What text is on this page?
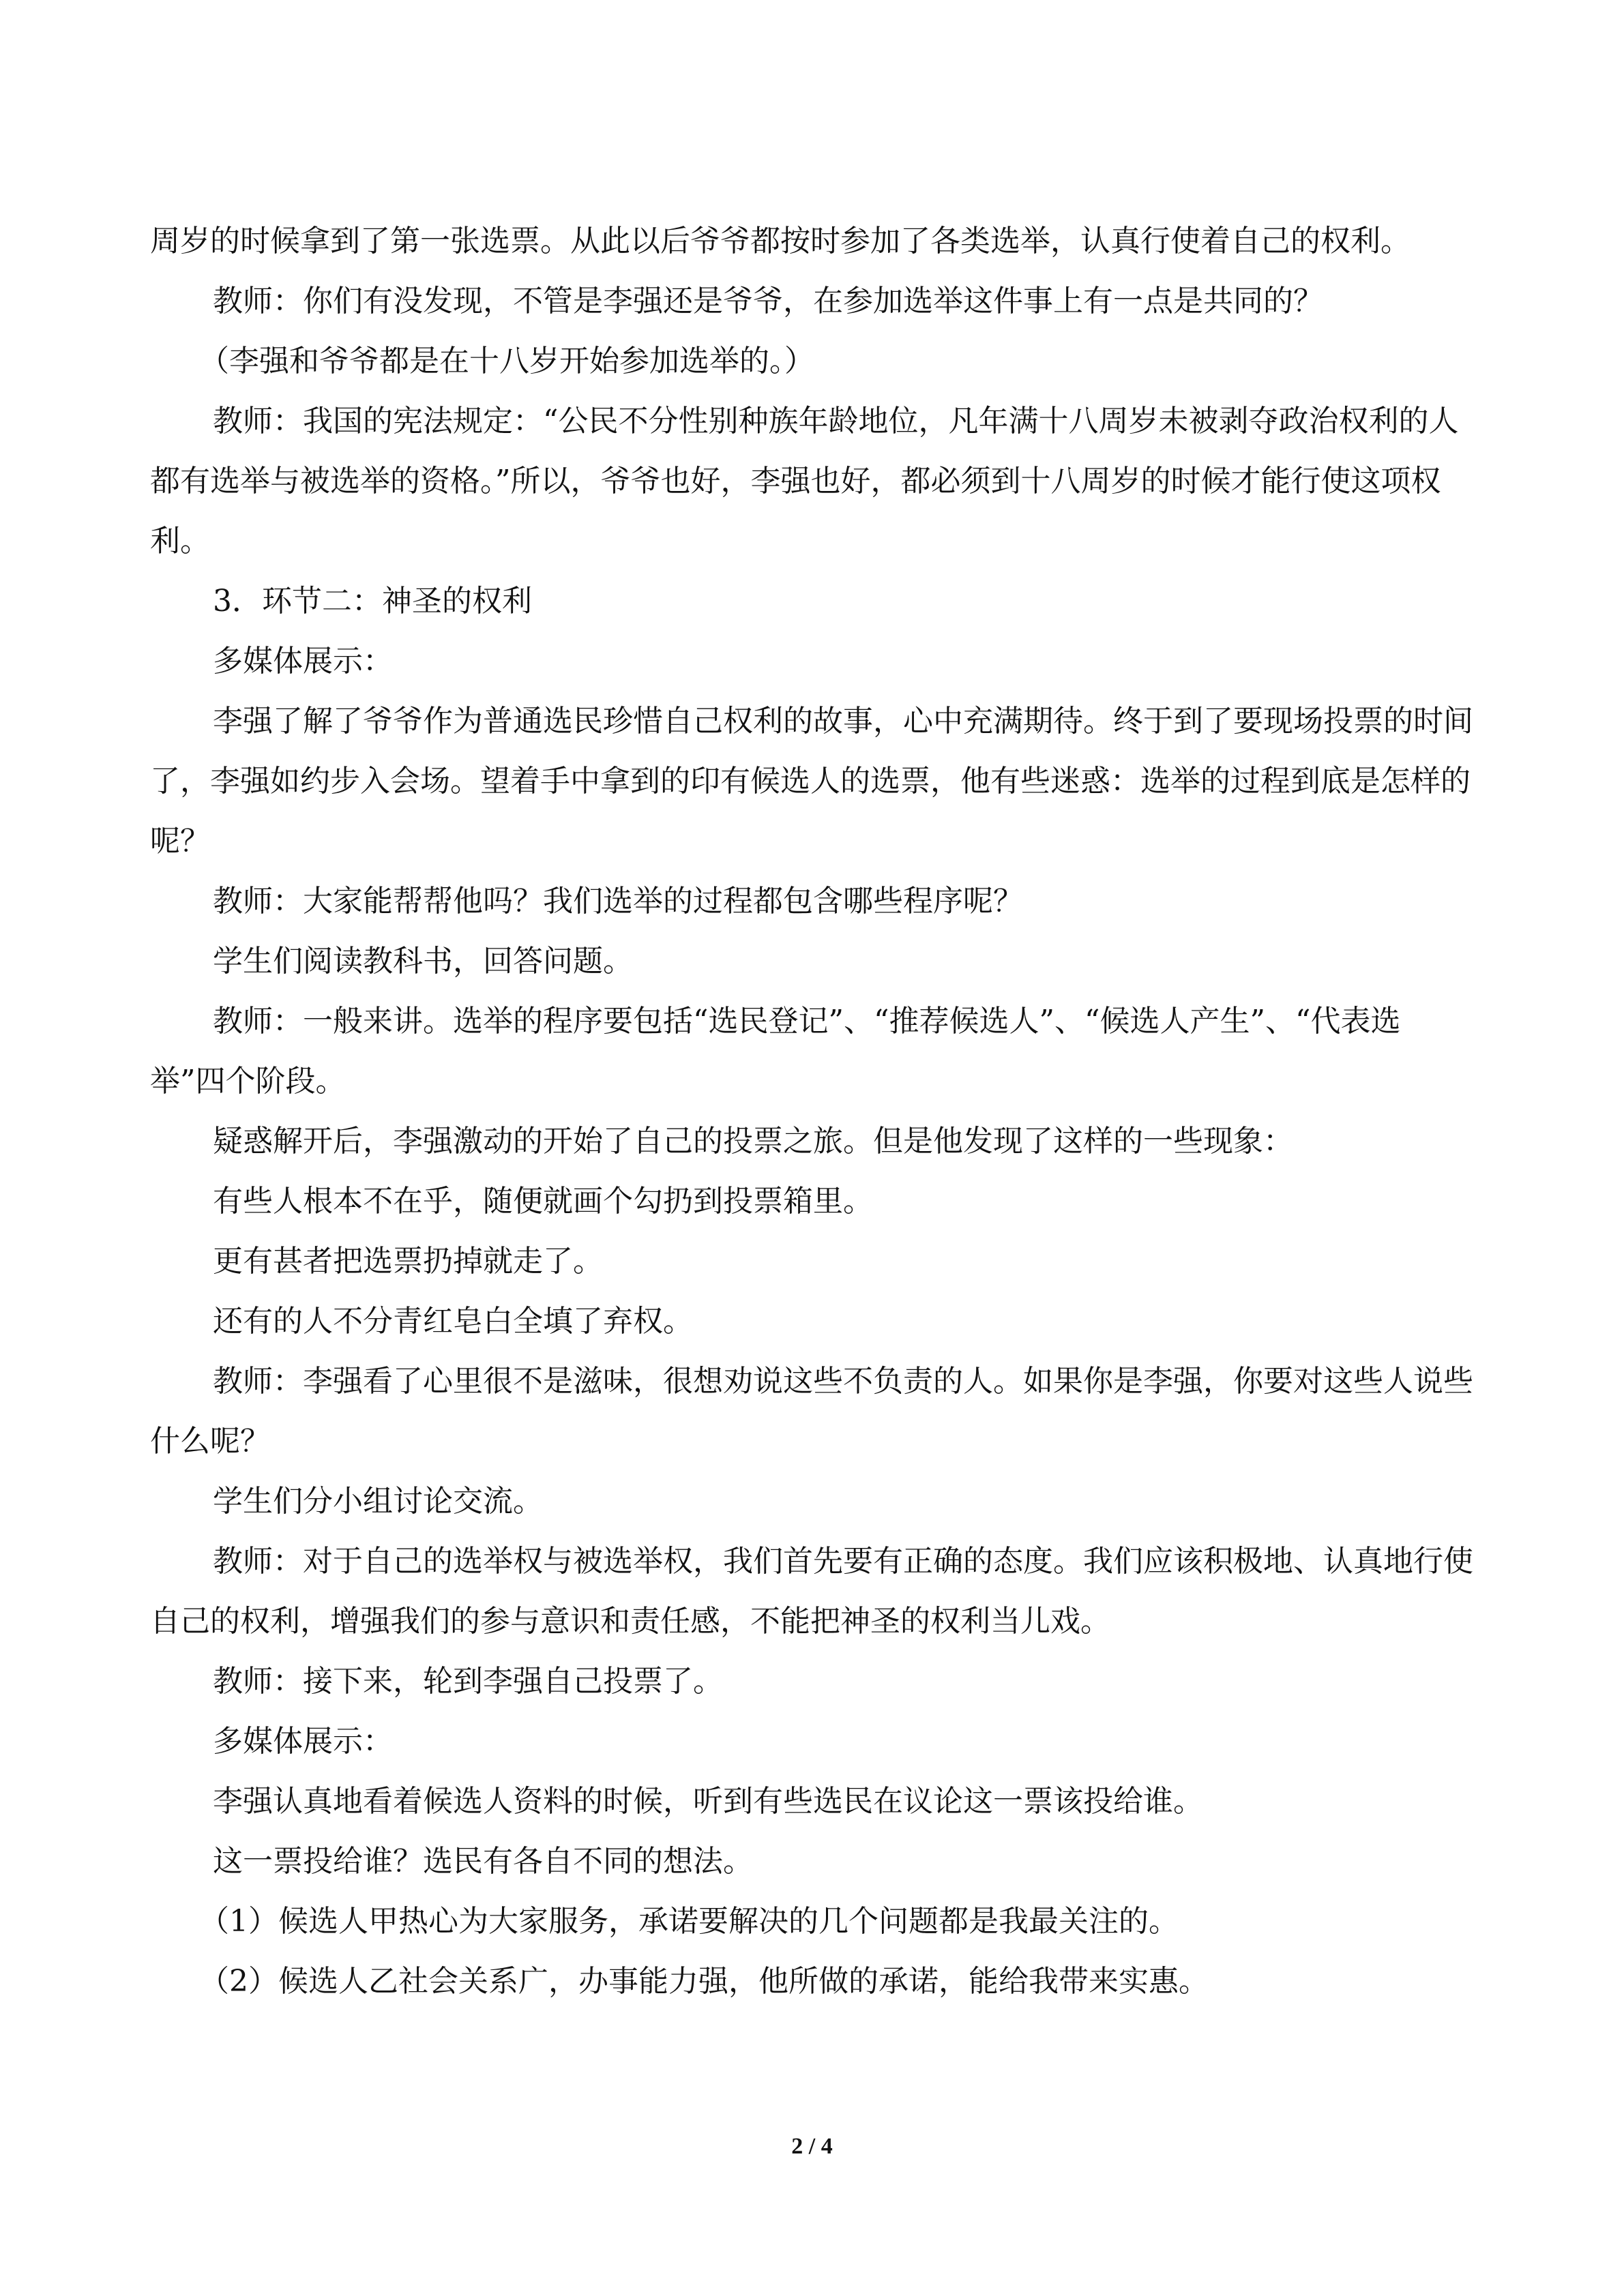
周岁的时候拿到了第一张选票。从此以后爷爷都按时参加了各类选举，认真行使着自己的权利。

教师：你们有没发现，不管是李强还是爷爷，在参加选举这件事上有一点是共同的？

（李强和爷爷都是在十八岁开始参加选举的。）

教师：我国的宪法规定：“公民不分性别种族年龄地位，凡年满十八周岁未被剥夺政治权利的人都有选举与被选举的资格。”所以，爷爷也好，李强也好，都必须到十八周岁的时候才能行使这项权利。

3．环节二：神圣的权利

多媒体展示：

李强了解了爷爷作为普通选民珍惜自己权利的故事，心中充满期待。终于到了要现场投票的时间了，李强如约步入会场。望着手中拿到的印有候选人的选票，他有些迷惑：选举的过程到底是怎样的呢？

教师：大家能帮帮他吗？我们选举的过程都包含哪些程序呢？

学生们阅读教科书，回答问题。

教师：一般来讲。选举的程序要包括“选民登记”、“推荐候选人”、“候选人产生”、“代表选举”四个阶段。

疑惑解开后，李强激动的开始了自己的投票之旅。但是他发现了这样的一些现象：

有些人根本不在乎，随便就画个勾扔到投票箱里。

更有甚者把选票扔掉就走了。

还有的人不分青红皂白全填了弃权。

教师：李强看了心里很不是滋味，很想劝说这些不负责的人。如果你是李强，你要对这些人说些什么呢？

学生们分小组讨论交流。

教师：对于自己的选举权与被选举权，我们首先要有正确的态度。我们应该积极地、认真地行使自己的权利，增强我们的参与意识和责任感，不能把神圣的权利当儿戏。

教师：接下来，轮到李强自己投票了。

多媒体展示：

李强认真地看着候选人资料的时候，听到有些选民在议论这一票该投给谁。

这一票投给谁？选民有各自不同的想法。

（1）候选人甲热心为大家服务，承诺要解决的几个问题都是我最关注的。

（2）候选人乙社会关系广，办事能力强，他所做的承诺，能给我带来实惠。

2 / 4
